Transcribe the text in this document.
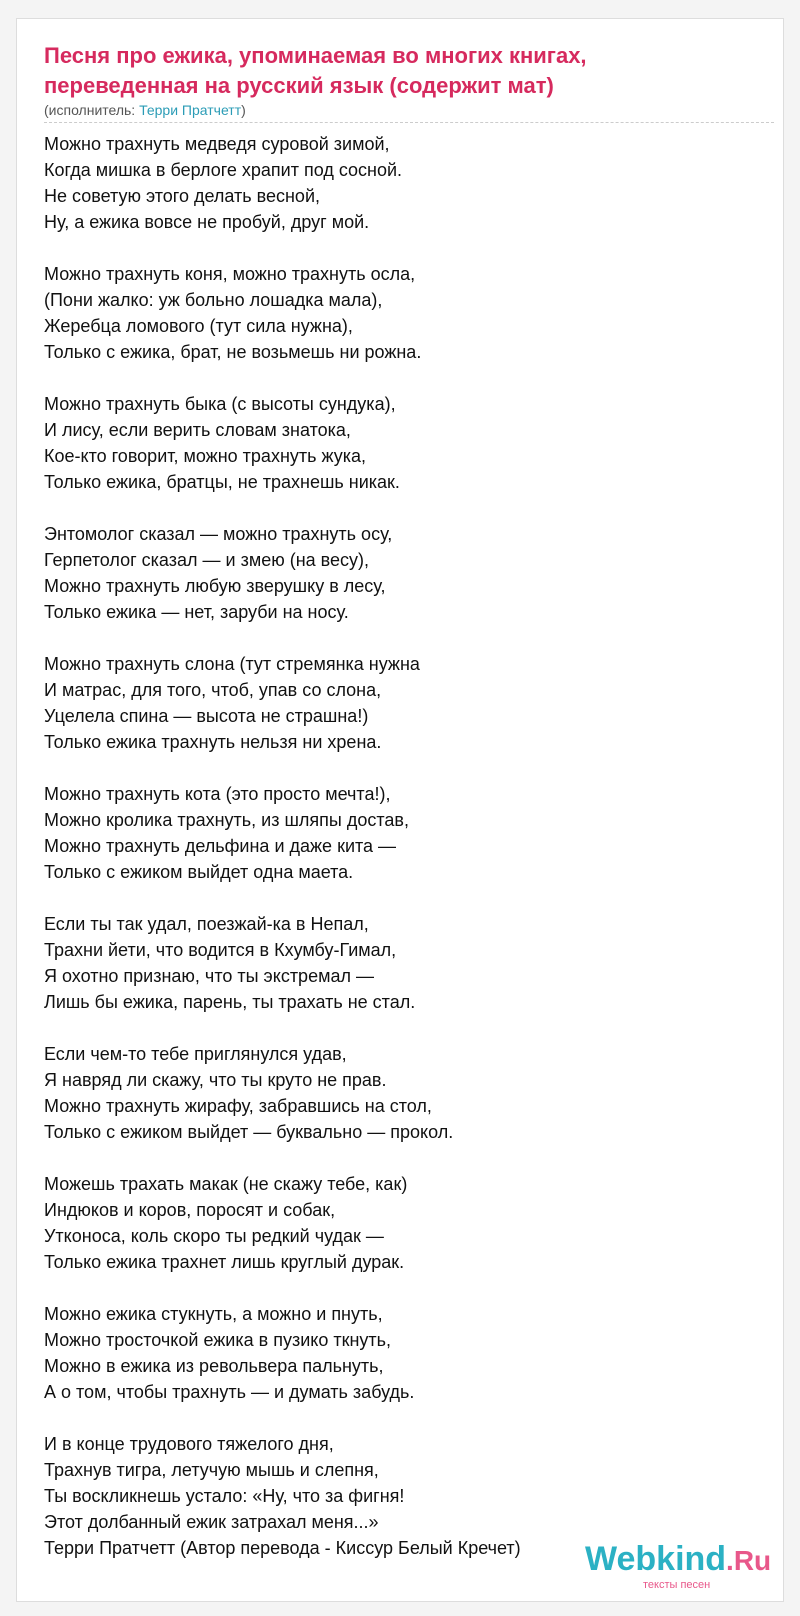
Песня про ежика, упоминаемая во многих книгах, переведенная на русский язык (содержит мат)
(исполнитель: Терри Пратчетт)
Можно трахнуть медведя суровой зимой,
Когда мишка в берлоге храпит под сосной.
Не советую этого делать весной,
Ну, а ежика вовсе не пробуй, друг мой.
Можно трахнуть коня, можно трахнуть осла,
(Пони жалко: уж больно лошадка мала),
Жеребца ломового (тут сила нужна),
Только с ежика, брат, не возьмешь ни рожна.
Можно трахнуть быка (с высоты сундука),
И лису, если верить словам знатока,
Кое-кто говорит, можно трахнуть жука,
Только ежика, братцы, не трахнешь никак.
Энтомолог сказал — можно трахнуть осу,
Герпетолог сказал — и змею (на весу),
Можно трахнуть любую зверушку в лесу,
Только ежика — нет, заруби на носу.
Можно трахнуть слона (тут стремянка нужна
И матрас, для того, чтоб, упав со слона,
Уцелела спина — высота не страшна!)
Только ежика трахнуть нельзя ни хрена.
Можно трахнуть кота (это просто мечта!),
Можно кролика трахнуть, из шляпы достав,
Можно трахнуть дельфина и даже кита —
Только с ежиком выйдет одна маета.
Если ты так удал, поезжай-ка в Непал,
Трахни йети, что водится в Кхумбу-Гимал,
Я охотно признаю, что ты экстремал —
Лишь бы ежика, парень, ты трахать не стал.
Если чем-то тебе приглянулся удав,
Я навряд ли скажу, что ты круто не прав.
Можно трахнуть жирафу, забравшись на стол,
Только с ежиком выйдет — буквально — прокол.
Можешь трахать макак (не скажу тебе, как)
Индюков и коров, поросят и собак,
Утконоса, коль скоро ты редкий чудак —
Только ежика трахнет лишь круглый дурак.
Можно ежика стукнуть, а можно и пнуть,
Можно тросточкой ежика в пузико ткнуть,
Можно в ежика из револьвера пальнуть,
А о том, чтобы трахнуть — и думать забудь.
И в конце трудового тяжелого дня,
Трахнув тигра, летучую мышь и слепня,
Ты воскликнешь устало: «Ну, что за фигня!
Этот долбанный ежик затрахал меня...»
Терри Пратчетт (Автор перевода - Киссур Белый Кречет)	Webkind.Ru
тексты песен
